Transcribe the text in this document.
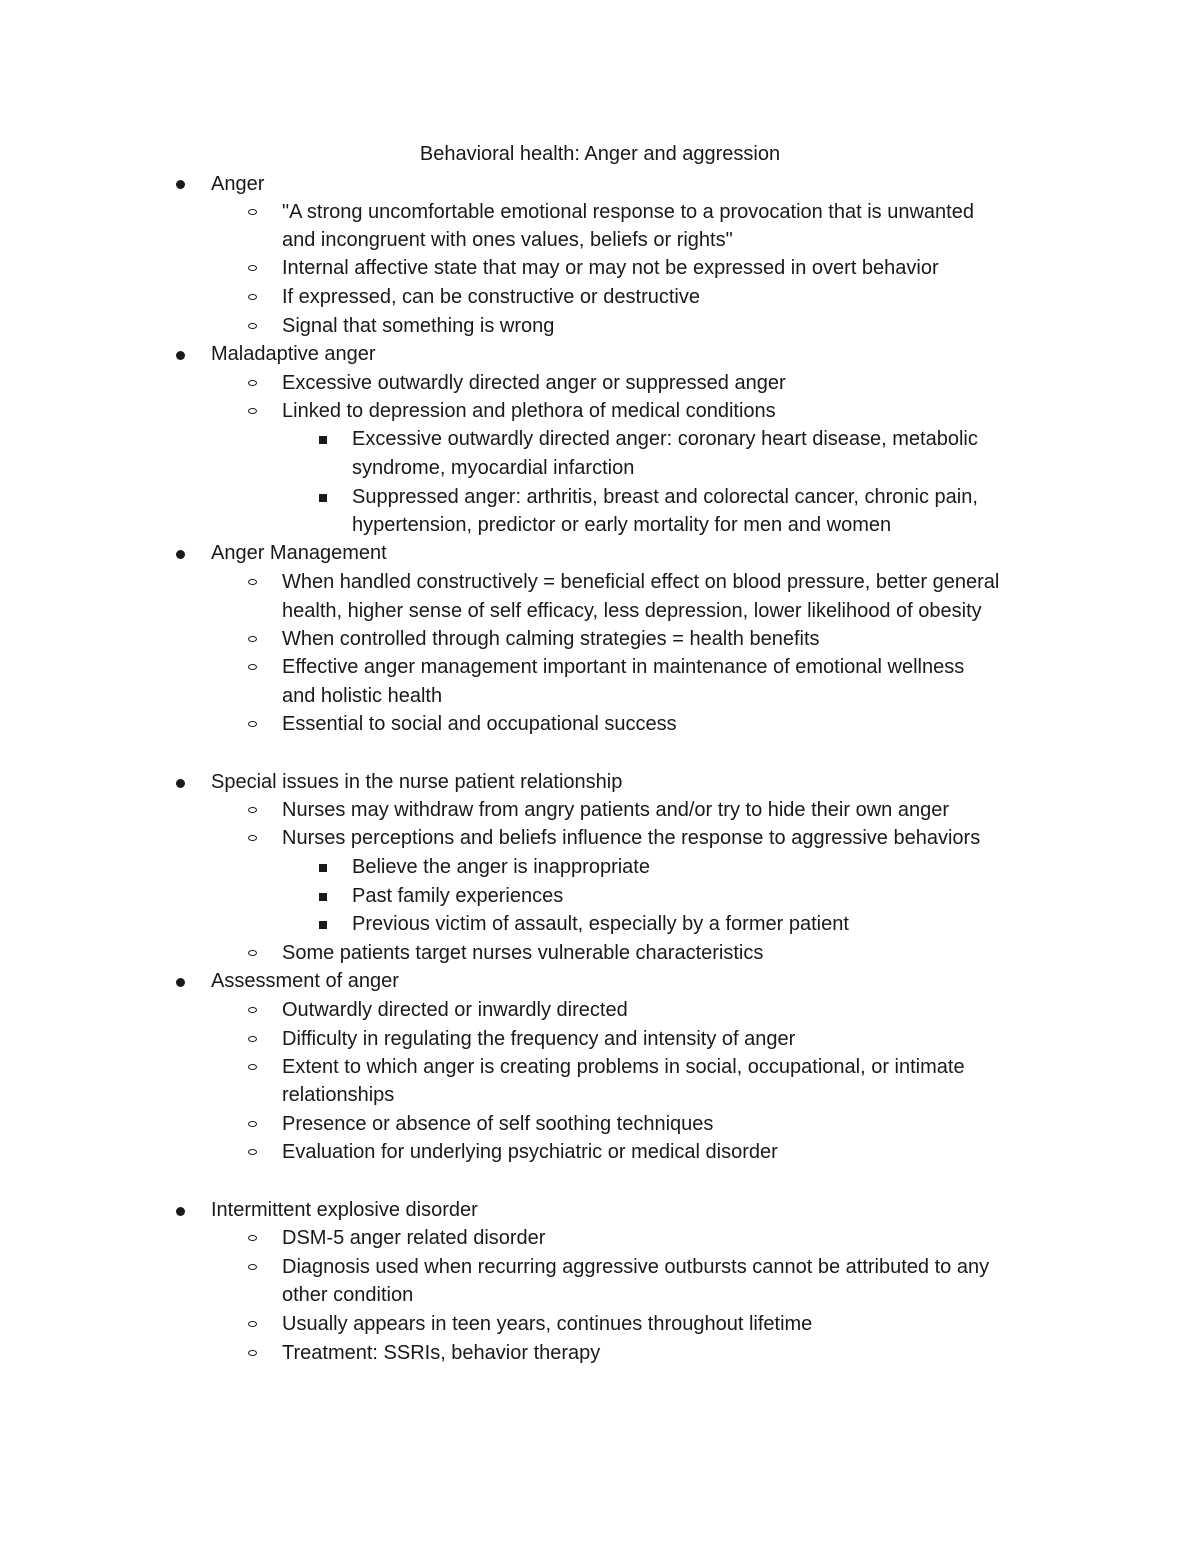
Behavioral health: Anger and aggression
Anger
"A strong uncomfortable emotional response to a provocation that is unwanted
and incongruent with ones values, beliefs or rights"
Internal affective state that may or may not be expressed in overt behavior
If expressed, can be constructive or destructive
Signal that something is wrong
Maladaptive anger
Excessive outwardly directed anger or suppressed anger
Linked to depression and plethora of medical conditions
Excessive outwardly directed anger: coronary heart disease, metabolic
syndrome, myocardial infarction
Suppressed anger: arthritis, breast and colorectal cancer, chronic pain,
hypertension, predictor or early mortality for men and women
Anger Management
When handled constructively = beneficial effect on blood pressure, better general
health, higher sense of self efficacy, less depression, lower likelihood of obesity
When controlled through calming strategies = health benefits
Effective anger management important in maintenance of emotional wellness
and holistic health
Essential to social and occupational success
Special issues in the nurse patient relationship
Nurses may withdraw from angry patients and/or try to hide their own anger
Nurses perceptions and beliefs influence the response to aggressive behaviors
Believe the anger is inappropriate
Past family experiences
Previous victim of assault, especially by a former patient
Some patients target nurses vulnerable characteristics
Assessment of anger
Outwardly directed or inwardly directed
Difficulty in regulating the frequency and intensity of anger
Extent to which anger is creating problems in social, occupational, or intimate
relationships
Presence or absence of self soothing techniques
Evaluation for underlying psychiatric or medical disorder
Intermittent explosive disorder
DSM-5 anger related disorder
Diagnosis used when recurring aggressive outbursts cannot be attributed to any
other condition
Usually appears in teen years, continues throughout lifetime
Treatment: SSRIs, behavior therapy
